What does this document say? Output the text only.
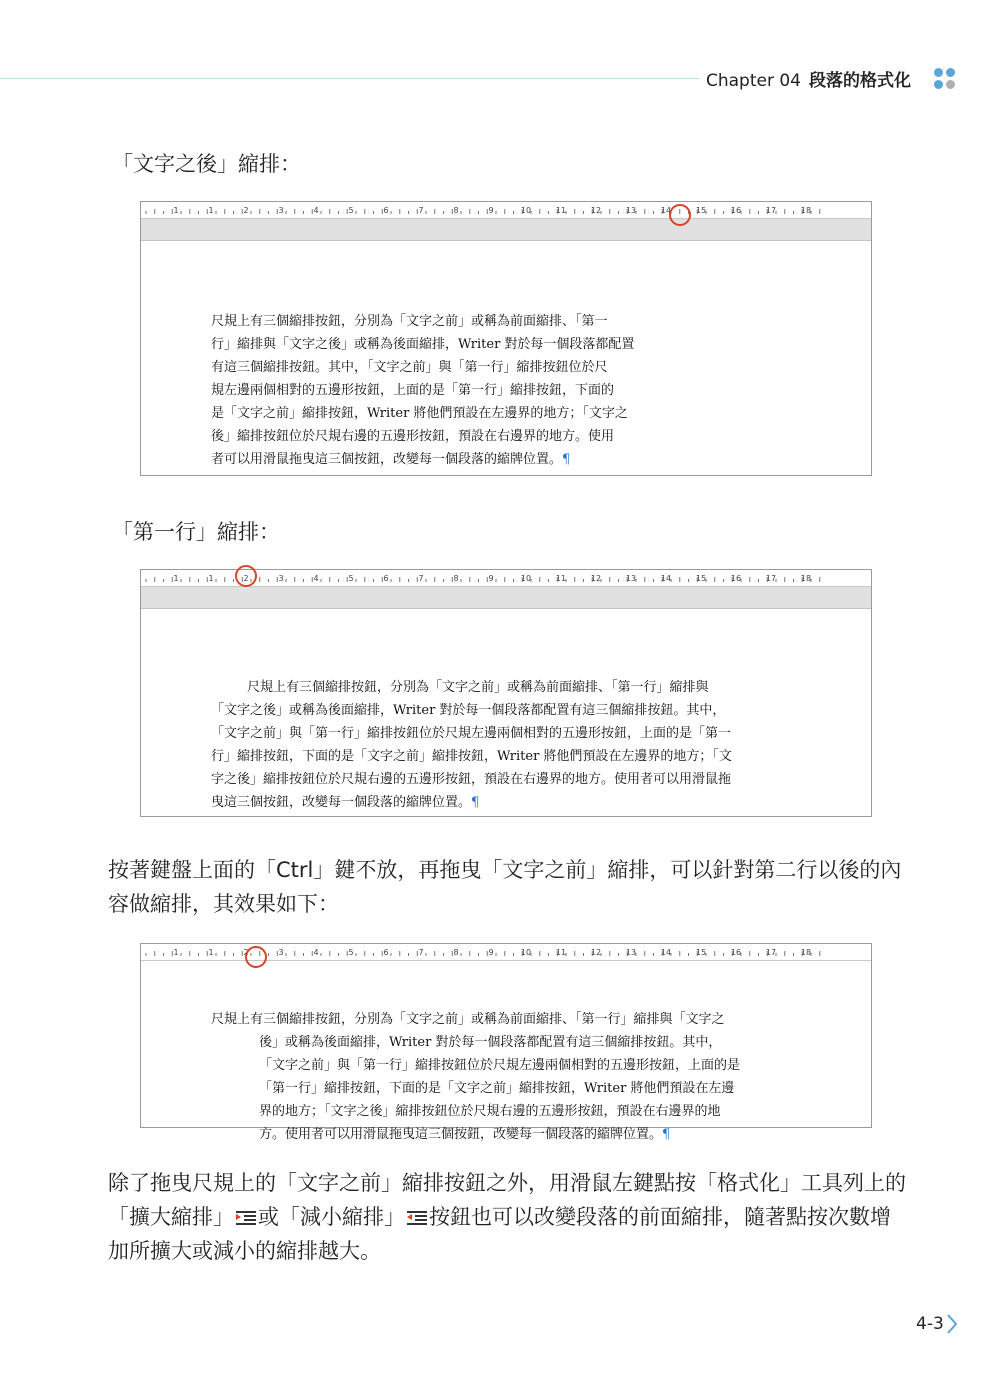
Chapter 04 段落的格式化
「文字之後」縮排：
1	1	2	3	4	5	6	7	8	9	10	11	12	13	14	15	16	17	18

尺規上有三個縮排按鈕，分別為「文字之前」或稱為前面縮排、「第一

行」縮排與「文字之後」或稱為後面縮排，Writer 對於每一個段落都配置

有這三個縮排按鈕。其中，「文字之前」與「第一行」縮排按鈕位於尺

規左邊兩個相對的五邊形按鈕，上面的是「第一行」縮排按鈕，下面的

是「文字之前」縮排按鈕，Writer 將他們預設在左邊界的地方；「文字之

後」縮排按鈕位於尺規右邊的五邊形按鈕，預設在右邊界的地方。使用

者可以用滑鼠拖曳這三個按鈕，改變每一個段落的縮牌位置。¶

「第一行」縮排：
1	1	2	3	4	5	6	7	8	9	10	11	12	13	14	15	16	17	18

尺規上有三個縮排按鈕，分別為「文字之前」或稱為前面縮排、「第一行」縮排與

「文字之後」或稱為後面縮排，Writer 對於每一個段落都配置有這三個縮排按鈕。其中，

「文字之前」與「第一行」縮排按鈕位於尺規左邊兩個相對的五邊形按鈕，上面的是「第一

行」縮排按鈕，下面的是「文字之前」縮排按鈕，Writer 將他們預設在左邊界的地方；「文

字之後」縮排按鈕位於尺規右邊的五邊形按鈕，預設在右邊界的地方。使用者可以用滑鼠拖

曳這三個按鈕，改變每一個段落的縮牌位置。¶

按著鍵盤上面的「Ctrl」鍵不放，再拖曳「文字之前」縮排，可以針對第二行以後的內容做縮排，其效果如下：
1	1	2	3	4	5	6	7	8	9	10	11	12	13	14	15	16	17	18

尺規上有三個縮排按鈕，分別為「文字之前」或稱為前面縮排、「第一行」縮排與「文字之

後」或稱為後面縮排，Writer 對於每一個段落都配置有這三個縮排按鈕。其中，

「文字之前」與「第一行」縮排按鈕位於尺規左邊兩個相對的五邊形按鈕，上面的是

「第一行」縮排按鈕，下面的是「文字之前」縮排按鈕，Writer 將他們預設在左邊

界的地方；「文字之後」縮排按鈕位於尺規右邊的五邊形按鈕，預設在右邊界的地

方。使用者可以用滑鼠拖曳這三個按鈕，改變每一個段落的縮牌位置。¶

除了拖曳尺規上的「文字之前」縮排按鈕之外，用滑鼠左鍵點按「格式化」工具列上的「擴大縮排」 或「減小縮排」 按鈕也可以改變段落的前面縮排，隨著點按次數增加所擴大或減小的縮排越大。
4-3
